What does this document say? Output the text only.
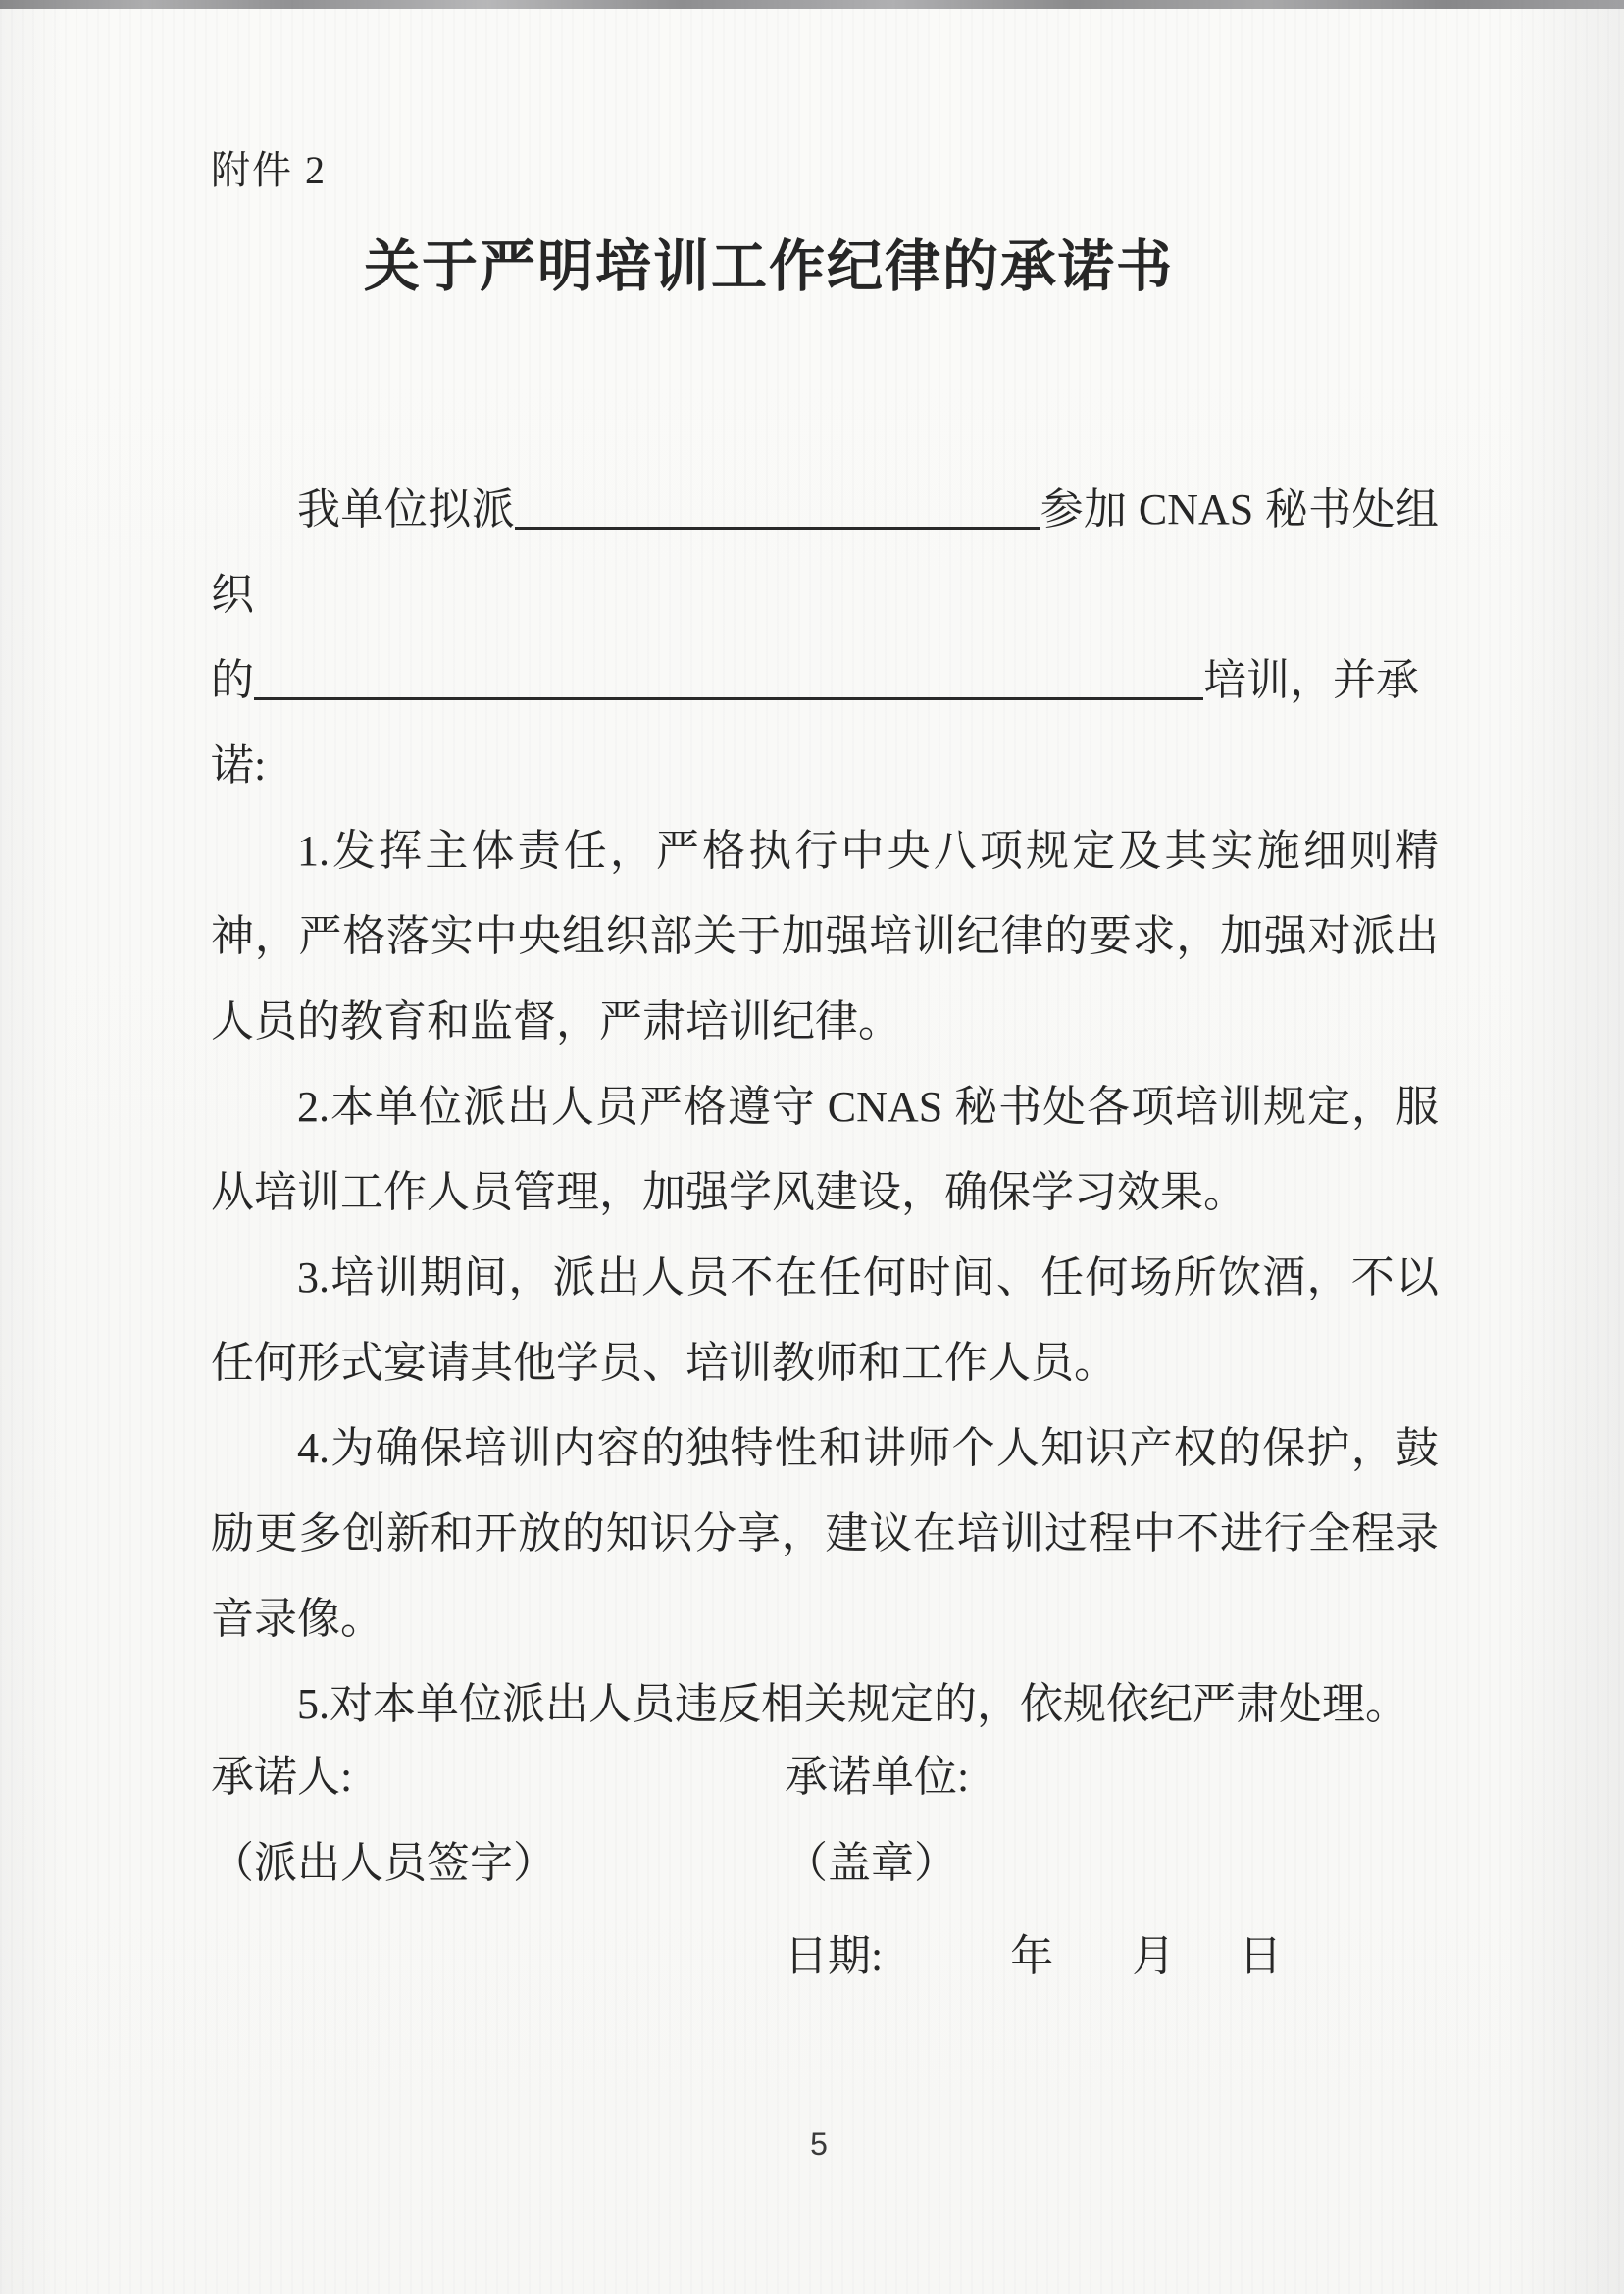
附件 2
关于严明培训工作纪律的承诺书

我单位拟派	参加 CNAS 秘书处组织
的	培训，并承
诺:

1.发挥主体责任，严格执行中央八项规定及其实施细则精神，严格落实中央组织部关于加强培训纪律的要求，加强对派出人员的教育和监督，严肃培训纪律。

2.本单位派出人员严格遵守 CNAS 秘书处各项培训规定，服从培训工作人员管理，加强学风建设，确保学习效果。

3.培训期间，派出人员不在任何时间、任何场所饮酒，不以任何形式宴请其他学员、培训教师和工作人员。

4.为确保培训内容的独特性和讲师个人知识产权的保护，鼓励更多创新和开放的知识分享，建议在培训过程中不进行全程录音录像。

5.对本单位派出人员违反相关规定的，依规依纪严肃处理。

承诺人:	承诺单位:
（派出人员签字）	（盖章）
日期:	年 月 日
5
